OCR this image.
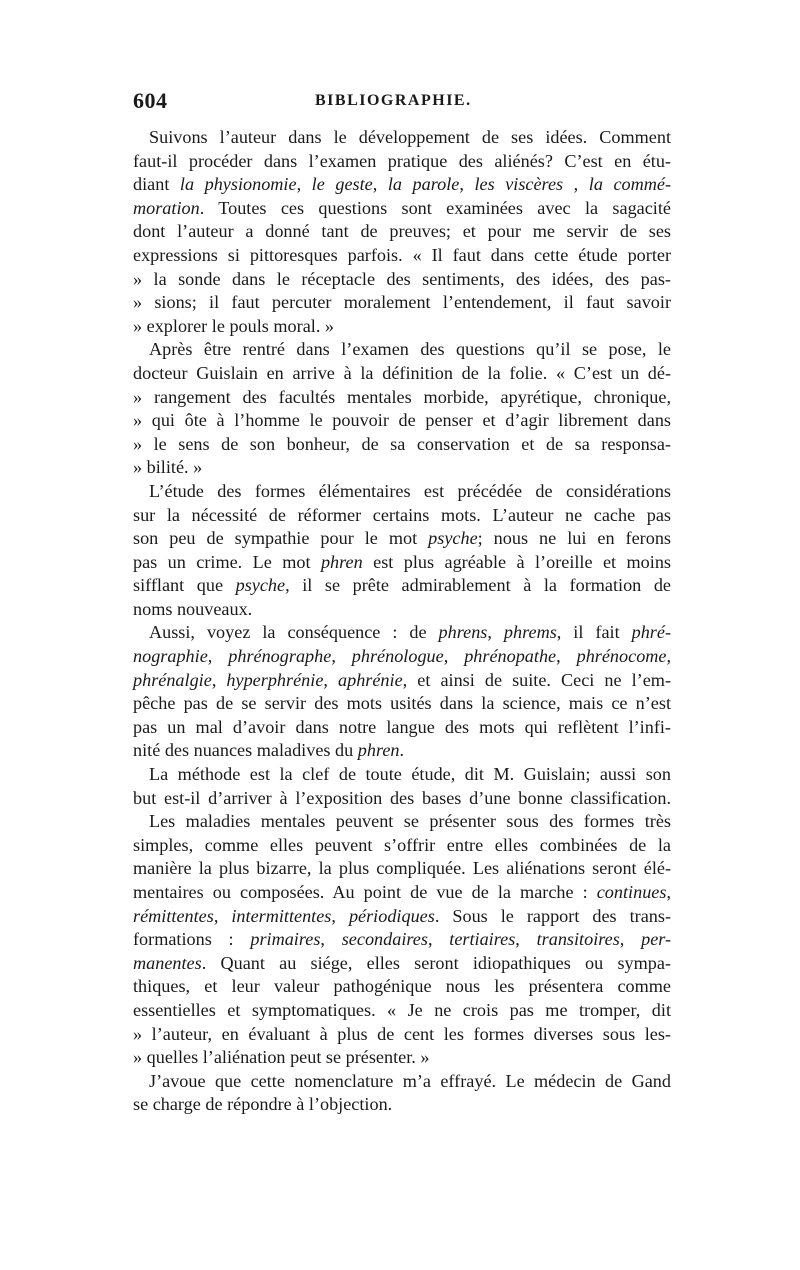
604	BIBLIOGRAPHIE.
Suivons l’auteur dans le développement de ses idées. Comment
faut-il procéder dans l’examen pratique des aliénés? C’est en étu-
diant la physionomie, le geste, la parole, les viscères , la commé-
moration. Toutes ces questions sont examinées avec la sagacité
dont l’auteur a donné tant de preuves; et pour me servir de ses
expressions si pittoresques parfois. « Il faut dans cette étude porter
» la sonde dans le réceptacle des sentiments, des idées, des pas-
» sions; il faut percuter moralement l’entendement, il faut savoir
» explorer le pouls moral. »
Après être rentré dans l’examen des questions qu’il se pose, le
docteur Guislain en arrive à la définition de la folie. « C’est un dé-
» rangement des facultés mentales morbide, apyrétique, chronique,
» qui ôte à l’homme le pouvoir de penser et d’agir librement dans
» le sens de son bonheur, de sa conservation et de sa responsa-
» bilité. »
L’étude des formes élémentaires est précédée de considérations
sur la nécessité de réformer certains mots. L’auteur ne cache pas
son peu de sympathie pour le mot psyche; nous ne lui en ferons
pas un crime. Le mot phren est plus agréable à l’oreille et moins
sifflant que psyche, il se prête admirablement à la formation de
noms nouveaux.
Aussi, voyez la conséquence : de phrens, phrems, il fait phré-
nographie, phrénographe, phrénologue, phrénopathe, phrénocome,
phrénalgie, hyperphrénie, aphrénie, et ainsi de suite. Ceci ne l’em-
pêche pas de se servir des mots usités dans la science, mais ce n’est
pas un mal d’avoir dans notre langue des mots qui reflètent l’infi-
nité des nuances maladives du phren.
La méthode est la clef de toute étude, dit M. Guislain; aussi son
but est-il d’arriver à l’exposition des bases d’une bonne classification.
Les maladies mentales peuvent se présenter sous des formes très
simples, comme elles peuvent s’offrir entre elles combinées de la
manière la plus bizarre, la plus compliquée. Les aliénations seront élé-
mentaires ou composées. Au point de vue de la marche : continues,
rémittentes, intermittentes, périodiques. Sous le rapport des trans-
formations : primaires, secondaires, tertiaires, transitoires, per-
manentes. Quant au siége, elles seront idiopathiques ou sympa-
thiques, et leur valeur pathogénique nous les présentera comme
essentielles et symptomatiques. « Je ne crois pas me tromper, dit
» l’auteur, en évaluant à plus de cent les formes diverses sous les-
» quelles l’aliénation peut se présenter. »
J’avoue que cette nomenclature m’a effrayé. Le médecin de Gand
se charge de répondre à l’objection.
